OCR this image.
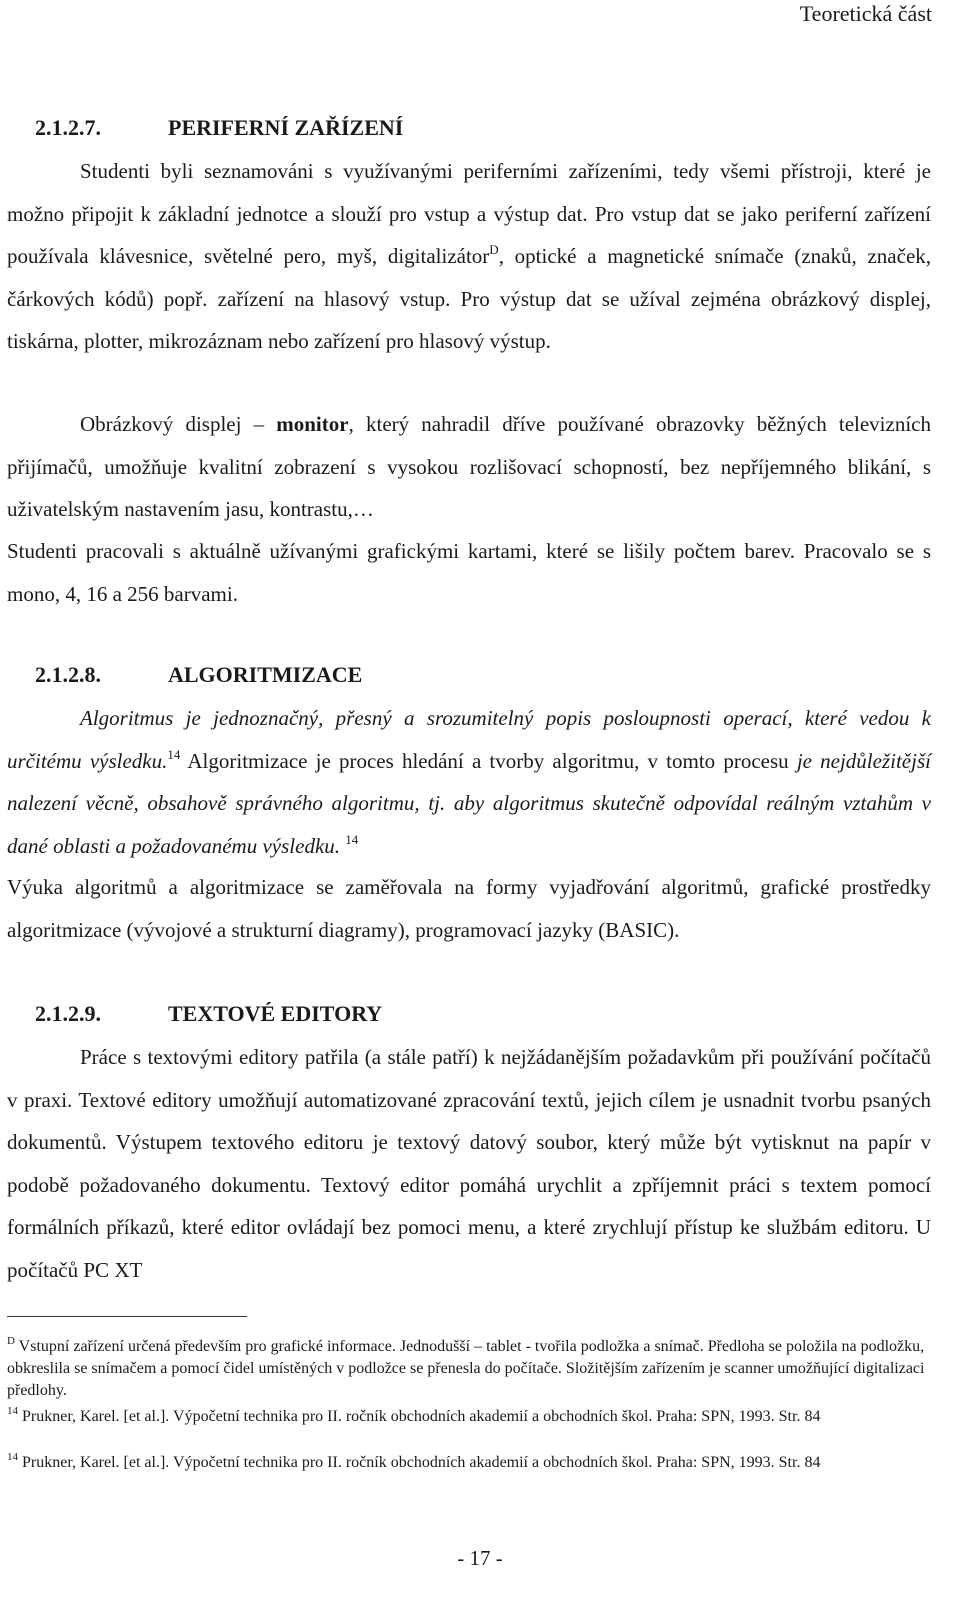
Teoretická část
2.1.2.7.	PERIFERNÍ ZAŘÍZENÍ

Studenti byli seznamováni s využívanými periferními zařízeními, tedy všemi přístroji, které je možno připojit k základní jednotce a slouží pro vstup a výstup dat. Pro vstup dat se jako periferní zařízení používala klávesnice, světelné pero, myš, digitalizátor$^D$, optické a magnetické snímače (znaků, značek, čárkových kódů) popř. zařízení na hlasový vstup. Pro výstup dat se užíval zejména obrázkový displej, tiskárna, plotter, mikrozáznam nebo zařízení pro hlasový výstup.

Obrázkový displej – monitor, který nahradil dříve používané obrazovky běžných televizních přijímačů, umožňuje kvalitní zobrazení s vysokou rozlišovací schopností, bez nepříjemného blikání, s uživatelským nastavením jasu, kontrastu,…

Studenti pracovali s aktuálně užívanými grafickými kartami, které se lišily počtem barev. Pracovalo se s mono, 4, 16 a 256 barvami.

2.1.2.8.	ALGORITMIZACE

Algoritmus je jednoznačný, přesný a srozumitelný popis posloupnosti operací, které vedou k určitému výsledku.$^{14}$ Algoritmizace je proces hledání a tvorby algoritmu, v tomto procesu je nejdůležitější nalezení věcně, obsahově správného algoritmu, tj. aby algoritmus skutečně odpovídal reálným vztahům v dané oblasti a požadovanému výsledku. $^{14}$

Výuka algoritmů a algoritmizace se zaměřovala na formy vyjadřování algoritmů, grafické prostředky algoritmizace (vývojové a strukturní diagramy), programovací jazyky (BASIC).

2.1.2.9.	TEXTOVÉ EDITORY

Práce s textovými editory patřila (a stále patří) k nejžádanějším požadavkům při používání počítačů v praxi. Textové editory umožňují automatizované zpracování textů, jejich cílem je usnadnit tvorbu psaných dokumentů. Výstupem textového editoru je textový datový soubor, který může být vytisknut na papír v podobě požadovaného dokumentu. Textový editor pomáhá urychlit a zpříjemnit práci s textem pomocí formálních příkazů, které editor ovládají bez pomoci menu, a které zrychlují přístup ke službám editoru. U počítačů PC XT

$^D$ Vstupní zařízení určená především pro grafické informace. Jednodušší – tablet - tvořila podložka a snímač. Předloha se položila na podložku, obkreslila se snímačem a pomocí čidel umístěných v podložce se přenesla do počítače. Složitějším zařízením je scanner umožňující digitalizaci předlohy.
$^{14}$ Prukner, Karel. [et al.]. Výpočetní technika pro II. ročník obchodních akademií a obchodních škol. Praha: SPN, 1993. Str. 84
$^{14}$ Prukner, Karel. [et al.]. Výpočetní technika pro II. ročník obchodních akademií a obchodních škol. Praha: SPN, 1993. Str. 84
- 17 -
